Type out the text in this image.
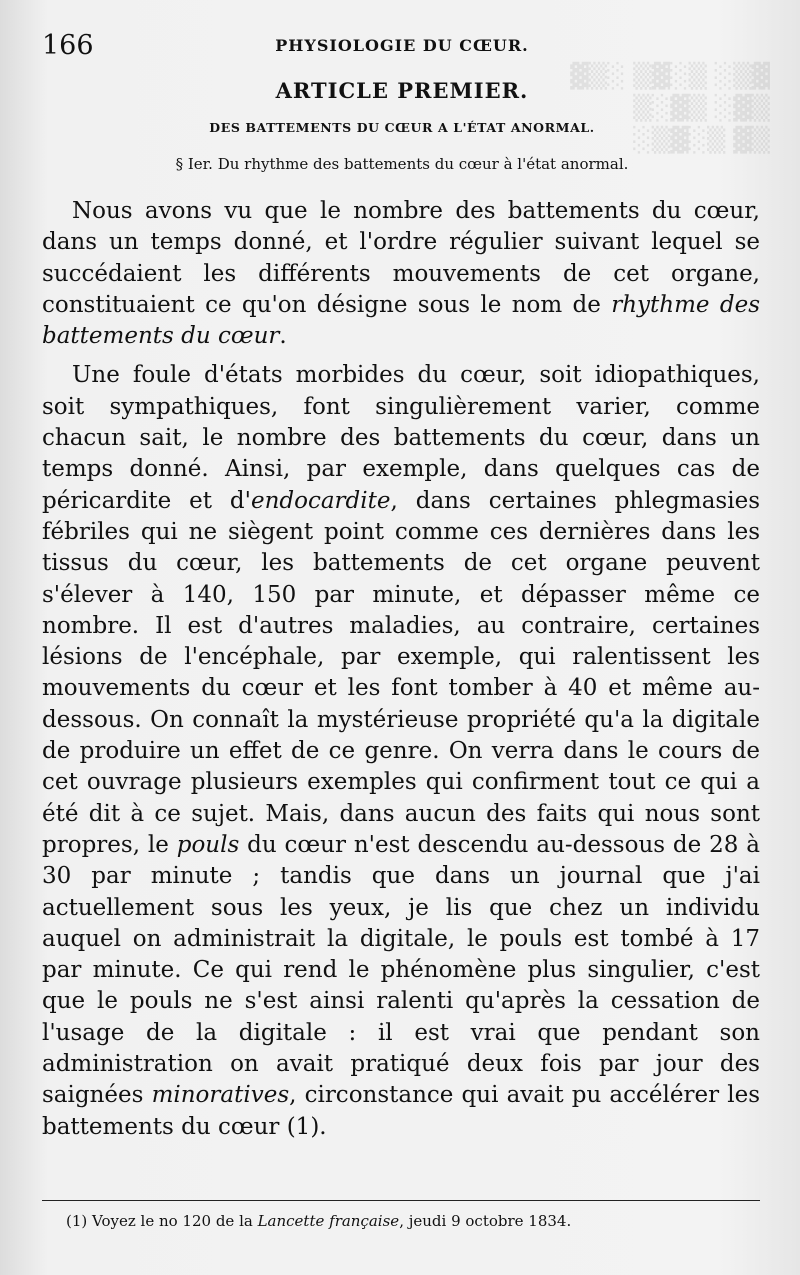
▓▒░ ▒▓░▒ ░▒▓
▒░▓▒ ░▓▒
░▒▓░▒ ▓▒
166	PHYSIOLOGIE DU CŒUR.
ARTICLE PREMIER.
DES BATTEMENTS DU CŒUR A L'ÉTAT ANORMAL.
§ Ier. Du rhythme des battements du cœur à l'état anormal.

Nous avons vu que le nombre des battements du cœur, dans un temps donné, et l'ordre régulier suivant lequel se succédaient les différents mouvements de cet organe, constituaient ce qu'on désigne sous le nom de rhythme des battements du cœur.

Une foule d'états morbides du cœur, soit idiopathiques, soit sympathiques, font singulièrement varier, comme chacun sait, le nombre des battements du cœur, dans un temps donné. Ainsi, par exemple, dans quelques cas de péricardite et d'endocardite, dans certaines phlegmasies fébriles qui ne siègent point comme ces dernières dans les tissus du cœur, les battements de cet organe peuvent s'élever à 140, 150 par minute, et dépasser même ce nombre. Il est d'autres maladies, au contraire, certaines lésions de l'encéphale, par exemple, qui ralentissent les mouvements du cœur et les font tomber à 40 et même au-dessous. On connaît la mystérieuse propriété qu'a la digitale de produire un effet de ce genre. On verra dans le cours de cet ouvrage plusieurs exemples qui confirment tout ce qui a été dit à ce sujet. Mais, dans aucun des faits qui nous sont propres, le pouls du cœur n'est descendu au-dessous de 28 à 30 par minute ; tandis que dans un journal que j'ai actuellement sous les yeux, je lis que chez un individu auquel on administrait la digitale, le pouls est tombé à 17 par minute. Ce qui rend le phénomène plus singulier, c'est que le pouls ne s'est ainsi ralenti qu'après la cessation de l'usage de la digitale : il est vrai que pendant son administration on avait pratiqué deux fois par jour des saignées minoratives, circonstance qui avait pu accélérer les battements du cœur (1).

(1) Voyez le no 120 de la Lancette française, jeudi 9 octobre 1834.
